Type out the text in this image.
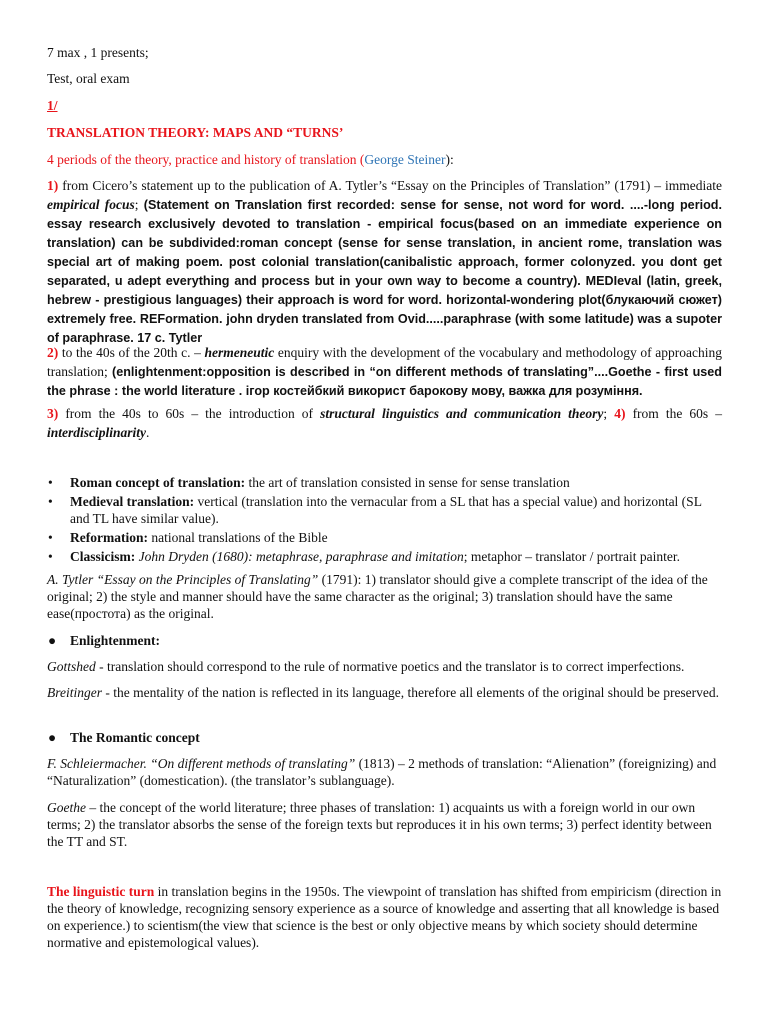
7 max , 1 presents;

Test, oral exam

1/

TRANSLATION THEORY: MAPS AND “TURNS’

4 periods of the theory, practice and history of translation (George Steiner):

1) from Cicero’s statement up to the publication of A. Tytler’s “Essay on the Principles of Translation” (1791) – immediate empirical focus; (Statement on Translation first recorded: sense for sense, not word for word. ....-long period. essay research exclusively devoted to translation - empirical focus(based on an immediate experience on translation) can be subdivided:roman concept (sense for sense translation, in ancient rome, translation was special art of making poem. post colonial translation(canibalistic approach, former colonyzed. you dont get separated, u adept everything and process but in your own way to become a country). MEDIeval (latin, greek, hebrew - prestigious languages) their approach is word for word. horizontal-wondering plot(блукаючий сюжет) extremely free. REFormation. john dryden translated from Ovid.....paraphrase (with some latitude) was a supoter of paraphrase. 17 c. Tytler

2) to the 40s of the 20th c. – hermeneutic enquiry with the development of the vocabulary and methodology of approaching translation; (enlightenment:opposition is described in “on different methods of translating”....Goethe - first used the phrase : the world literature . ігор костейбкий використ барокову мову, важка для розуміння.

3) from the 40s to 60s – the introduction of structural linguistics and communication theory; 4) from the 60s – interdisciplinarity.

• Roman concept of translation: the art of translation consisted in sense for sense translation
• Medieval translation: vertical (translation into the vernacular from a SL that has a special value) and horizontal (SL and TL have similar value).
• Reformation: national translations of the Bible
• Classicism: John Dryden (1680): metaphrase, paraphrase and imitation; metaphor – translator / portrait painter.

A. Tytler “Essay on the Principles of Translating” (1791): 1) translator should give a complete transcript of the idea of the original; 2) the style and manner should have the same character as the original; 3) translation should have the same ease(простота) as the original.

● Enlightenment:

Gottshed - translation should correspond to the rule of normative poetics and the translator is to correct imperfections.

Breitinger - the mentality of the nation is reflected in its language, therefore all elements of the original should be preserved.

● The Romantic concept

F. Schleiermacher. “On different methods of translating” (1813) – 2 methods of translation: “Alienation” (foreignizing) and “Naturalization” (domestication). (the translator’s sublanguage).

Goethe – the concept of the world literature; three phases of translation: 1) acquaints us with a foreign world in our own terms; 2) the translator absorbs the sense of the foreign texts but reproduces it in his own terms; 3) perfect identity between the TT and ST.

The linguistic turn in translation begins in the 1950s. The viewpoint of translation has shifted from empiricism (direction in the theory of knowledge, recognizing sensory experience as a source of knowledge and asserting that all knowledge is based on experience.) to scientism(the view that science is the best or only objective means by which society should determine normative and epistemological values).
